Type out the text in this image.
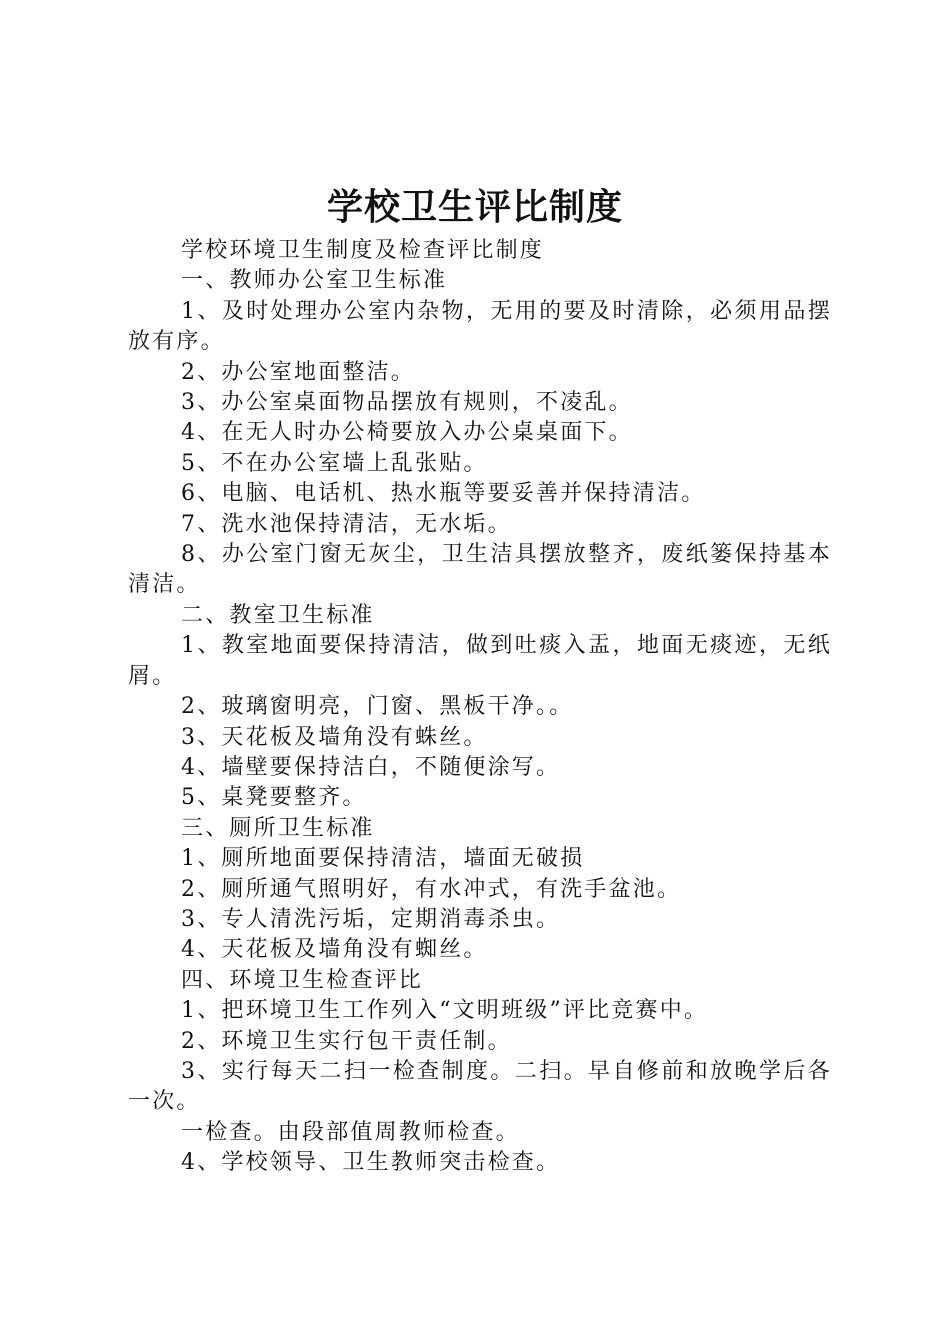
学校卫生评比制度

学校环境卫生制度及检查评比制度

一、教师办公室卫生标准

1、及时处理办公室内杂物，无用的要及时清除，必须用品摆放有序。

2、办公室地面整洁。

3、办公室桌面物品摆放有规则，不凌乱。

4、在无人时办公椅要放入办公桌桌面下。

5、不在办公室墙上乱张贴。

6、电脑、电话机、热水瓶等要妥善并保持清洁。

7、洗水池保持清洁，无水垢。

8、办公室门窗无灰尘，卫生洁具摆放整齐，废纸篓保持基本清洁。

二、教室卫生标准

1、教室地面要保持清洁，做到吐痰入盂，地面无痰迹，无纸屑。

2、玻璃窗明亮，门窗、黑板干净。。

3、天花板及墙角没有蛛丝。

4、墙壁要保持洁白，不随便涂写。

5、桌凳要整齐。

三、厕所卫生标准

1、厕所地面要保持清洁，墙面无破损

2、厕所通气照明好，有水冲式，有洗手盆池。

3、专人清洗污垢，定期消毒杀虫。

4、天花板及墙角没有蜘丝。

四、环境卫生检查评比

1、把环境卫生工作列入“文明班级”评比竞赛中。

2、环境卫生实行包干责任制。

3、实行每天二扫一检查制度。二扫。早自修前和放晚学后各一次。

一检查。由段部值周教师检查。

4、学校领导、卫生教师突击检查。
